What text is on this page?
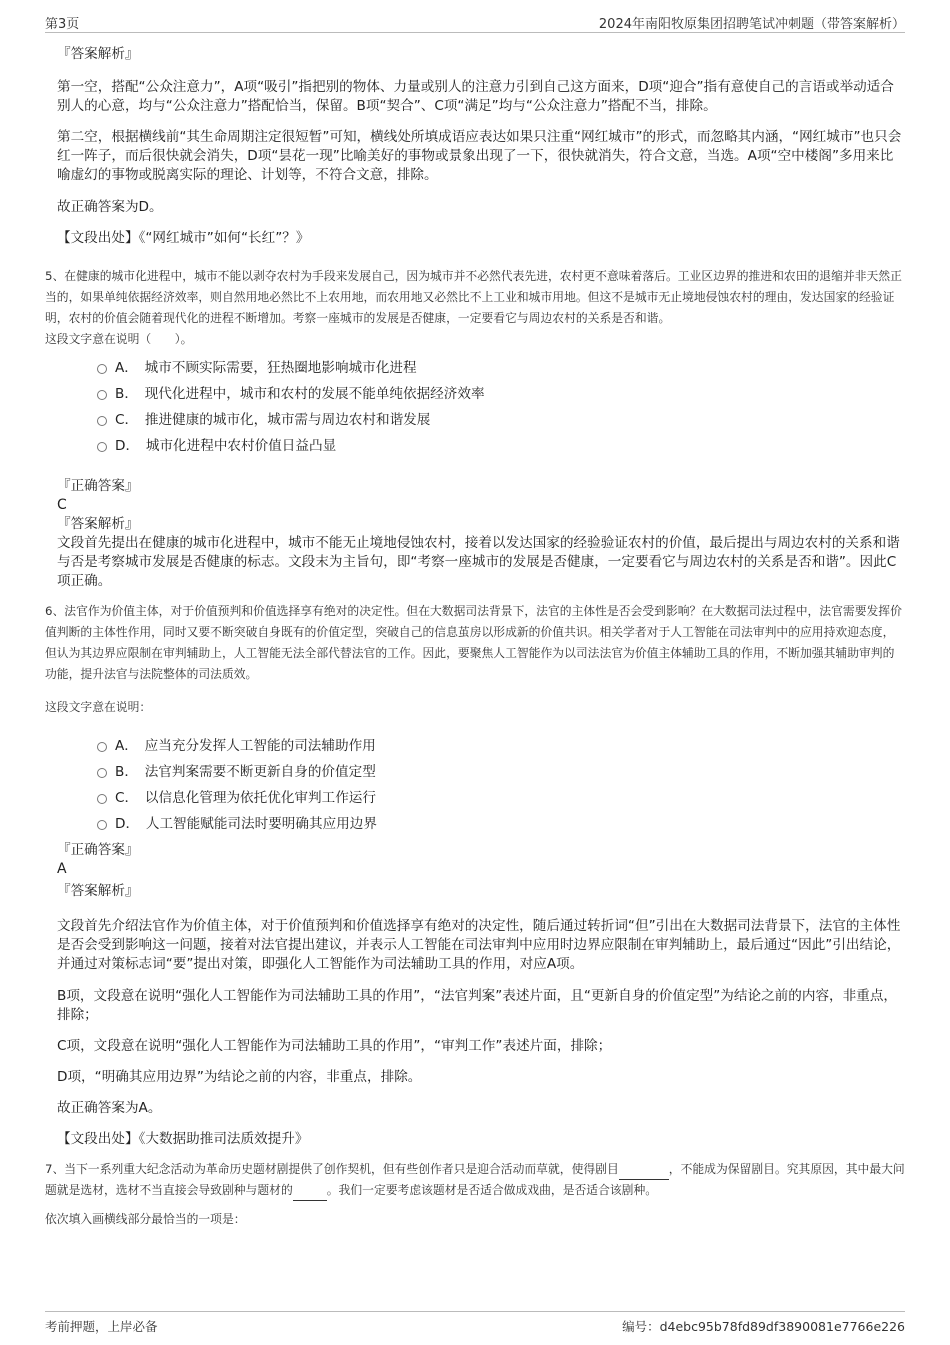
第3页	2024年南阳牧原集团招聘笔试冲刺题（带答案解析）
『答案解析』

第一空，搭配“公众注意力”，A项“吸引”指把别的物体、力量或别人的注意力引到自己这方面来，D项“迎合”指有意使自己的言语或举动适合别人的心意，均与“公众注意力”搭配恰当，保留。B项“契合”、C项“满足”均与“公众注意力”搭配不当，排除。

第二空，根据横线前“其生命周期注定很短暂”可知，横线处所填成语应表达如果只注重“网红城市”的形式，而忽略其内涵，“网红城市”也只会红一阵子，而后很快就会消失，D项“昙花一现”比喻美好的事物或景象出现了一下，很快就消失，符合文意，当选。A项“空中楼阁”多用来比喻虚幻的事物或脱离实际的理论、计划等，不符合文意，排除。

故正确答案为D。

【文段出处】《“网红城市”如何“长红”？》

5、在健康的城市化进程中，城市不能以剥夺农村为手段来发展自己，因为城市并不必然代表先进，农村更不意味着落后。工业区边界的推进和农田的退缩并非天然正当的，如果单纯依据经济效率，则自然用地必然比不上农用地，而农用地又必然比不上工业和城市用地。但这不是城市无止境地侵蚀农村的理由，发达国家的经验证明，农村的价值会随着现代化的进程不断增加。考察一座城市的发展是否健康，一定要看它与周边农村的关系是否和谐。

这段文字意在说明（　　）。

A．　城市不顾实际需要，狂热圈地影响城市化进程
B．　现代化进程中，城市和农村的发展不能单纯依据经济效率
C．　推进健康的城市化，城市需与周边农村和谐发展
D．　城市化进程中农村价值日益凸显
『正确答案』
C
『答案解析』

文段首先提出在健康的城市化进程中，城市不能无止境地侵蚀农村，接着以发达国家的经验验证农村的价值，最后提出与周边农村的关系和谐与否是考察城市发展是否健康的标志。文段末为主旨句，即“考察一座城市的发展是否健康，一定要看它与周边农村的关系是否和谐”。因此C项正确。

6、法官作为价值主体，对于价值预判和价值选择享有绝对的决定性。但在大数据司法背景下，法官的主体性是否会受到影响？在大数据司法过程中，法官需要发挥价值判断的主体性作用，同时又要不断突破自身既有的价值定型，突破自己的信息茧房以形成新的价值共识。相关学者对于人工智能在司法审判中的应用持欢迎态度，但认为其边界应限制在审判辅助上，人工智能无法全部代替法官的工作。因此，要聚焦人工智能作为以司法法官为价值主体辅助工具的作用，不断加强其辅助审判的功能，提升法官与法院整体的司法质效。

这段文字意在说明：

A．　应当充分发挥人工智能的司法辅助作用
B．　法官判案需要不断更新自身的价值定型
C．　以信息化管理为依托优化审判工作运行
D．　人工智能赋能司法时要明确其应用边界
『正确答案』
A
『答案解析』

文段首先介绍法官作为价值主体，对于价值预判和价值选择享有绝对的决定性，随后通过转折词“但”引出在大数据司法背景下，法官的主体性是否会受到影响这一问题，接着对法官提出建议，并表示人工智能在司法审判中应用时边界应限制在审判辅助上，最后通过“因此”引出结论，并通过对策标志词“要”提出对策，即强化人工智能作为司法辅助工具的作用，对应A项。

B项，文段意在说明“强化人工智能作为司法辅助工具的作用”，“法官判案”表述片面，且“更新自身的价值定型”为结论之前的内容，非重点，排除；

C项，文段意在说明“强化人工智能作为司法辅助工具的作用”，“审判工作”表述片面，排除；

D项，“明确其应用边界”为结论之前的内容，非重点，排除。

故正确答案为A。

【文段出处】《大数据助推司法质效提升》

7、当下一系列重大纪念活动为革命历史题材剧提供了创作契机，但有些创作者只是迎合活动而草就，使得剧目	，不能成为保留剧目。究其原因，其中最大问题就是选材，选材不当直接会导致剧种与题材的	。我们一定要考虑该题材是否适合做成戏曲，是否适合该剧种。

依次填入画横线部分最恰当的一项是：

考前押题，上岸必备	编号：d4ebc95b78fd89df3890081e7766e226
